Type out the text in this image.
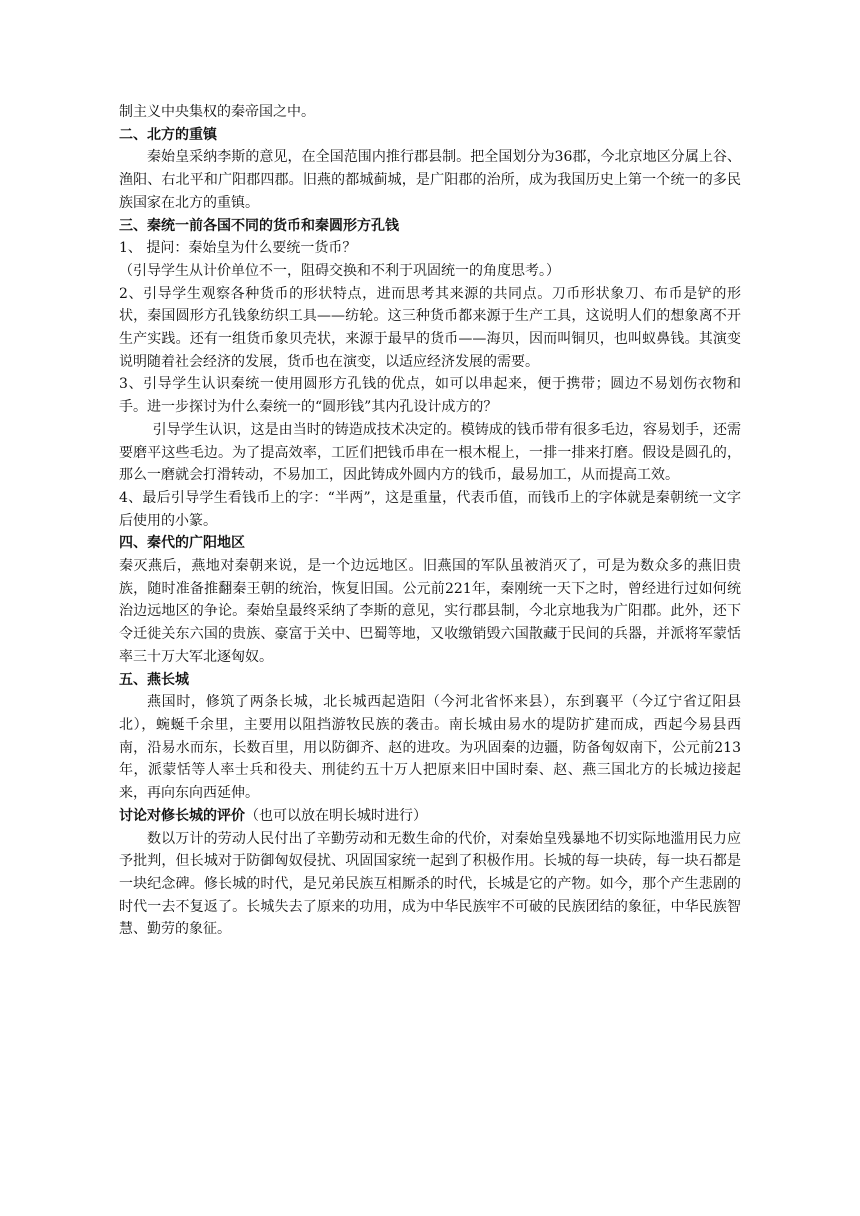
制主义中央集权的秦帝国之中。

二、北方的重镇

秦始皇采纳李斯的意见，在全国范围内推行郡县制。把全国划分为36郡，今北京地区分属上谷、渔阳、右北平和广阳郡四郡。旧燕的都城蓟城，是广阳郡的治所，成为我国历史上第一个统一的多民族国家在北方的重镇。

三、秦统一前各国不同的货币和秦圆形方孔钱

1、 提问：秦始皇为什么要统一货币？

（引导学生从计价单位不一，阻碍交换和不利于巩固统一的角度思考。）

2、引导学生观察各种货币的形状特点，进而思考其来源的共同点。刀币形状象刀、布币是铲的形状，秦国圆形方孔钱象纺织工具——纺轮。这三种货币都来源于生产工具，这说明人们的想象离不开生产实践。还有一组货币象贝壳状，来源于最早的货币——海贝，因而叫铜贝，也叫蚁鼻钱。其演变说明随着社会经济的发展，货币也在演变，以适应经济发展的需要。

3、引导学生认识秦统一使用圆形方孔钱的优点，如可以串起来，便于携带；圆边不易划伤衣物和手。进一步探讨为什么秦统一的“圆形钱”其内孔设计成方的？

引导学生认识，这是由当时的铸造成技术决定的。模铸成的钱币带有很多毛边，容易划手，还需要磨平这些毛边。为了提高效率，工匠们把钱币串在一根木棍上，一排一排来打磨。假设是圆孔的，那么一磨就会打滑转动，不易加工，因此铸成外圆内方的钱币，最易加工，从而提高工效。

4、最后引导学生看钱币上的字：“半两”，这是重量，代表币值，而钱币上的字体就是秦朝统一文字后使用的小篆。

四、秦代的广阳地区

秦灭燕后，燕地对秦朝来说，是一个边远地区。旧燕国的军队虽被消灭了，可是为数众多的燕旧贵族，随时准备推翻秦王朝的统治，恢复旧国。公元前221年，秦刚统一天下之时，曾经进行过如何统治边远地区的争论。秦始皇最终采纳了李斯的意见，实行郡县制，今北京地我为广阳郡。此外，还下令迁徙关东六国的贵族、豪富于关中、巴蜀等地，又收缴销毁六国散藏于民间的兵器，并派将军蒙恬率三十万大军北逐匈奴。

五、燕长城

燕国时，修筑了两条长城，北长城西起造阳（今河北省怀来县），东到襄平（今辽宁省辽阳县北），蜿蜒千余里，主要用以阻挡游牧民族的袭击。南长城由易水的堤防扩建而成，西起今易县西南，沿易水而东，长数百里，用以防御齐、赵的进攻。为巩固秦的边疆，防备匈奴南下，公元前213年，派蒙恬等人率士兵和役夫、刑徒约五十万人把原来旧中国时秦、赵、燕三国北方的长城边接起来，再向东向西延伸。

讨论对修长城的评价（也可以放在明长城时进行）

数以万计的劳动人民付出了辛勤劳动和无数生命的代价，对秦始皇残暴地不切实际地滥用民力应予批判，但长城对于防御匈奴侵扰、巩固国家统一起到了积极作用。长城的每一块砖，每一块石都是一块纪念碑。修长城的时代，是兄弟民族互相厮杀的时代，长城是它的产物。如今，那个产生悲剧的时代一去不复返了。长城失去了原来的功用，成为中华民族牢不可破的民族团结的象征，中华民族智慧、勤劳的象征。
